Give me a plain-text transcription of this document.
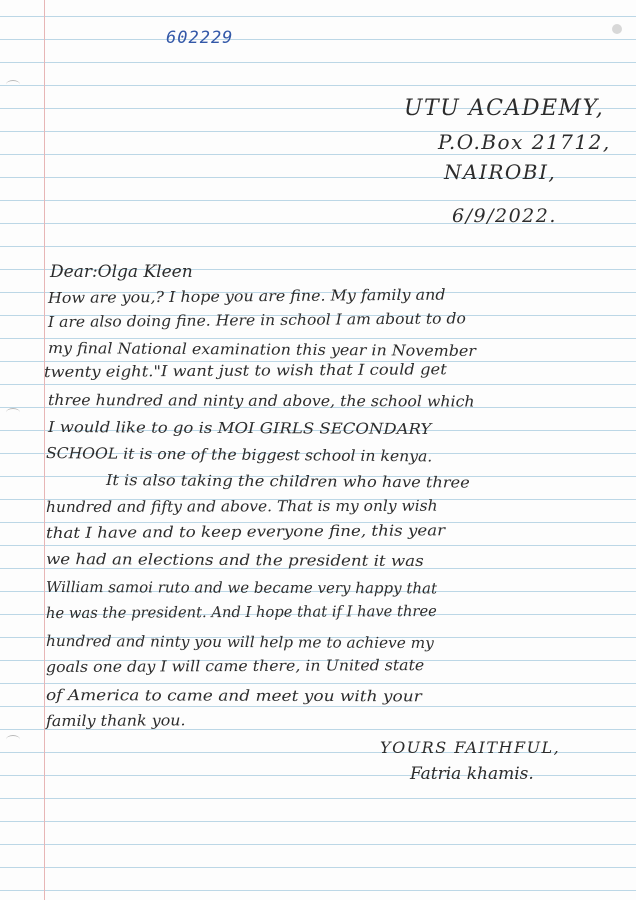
602229
UTU ACADEMY,
P.O.Box 21712,
NAIROBI,
6/9/2022.
Dear:Olga Kleen
How are you,? I hope you are fine. My family and
I are also doing fine. Here in school I am about to do
my final National examination this year in November
twenty eight."I want just to wish that I could get
three hundred and ninty and above, the school which
I would like to go is MOI GIRLS SECONDARY
SCHOOL it is one of the biggest school in kenya.
It is also taking the children who have three
hundred and fifty and above. That is my only wish
that I have and to keep everyone fine, this year
we had an elections and the president it was
William samoi ruto and we became very happy that
he was the president. And I hope that if I have three
hundred and ninty you will help me to achieve my
goals one day I will came there, in United state
of America to came and meet you with your
family thank you.
YOURS FAITHFUL,
Fatria khamis.
